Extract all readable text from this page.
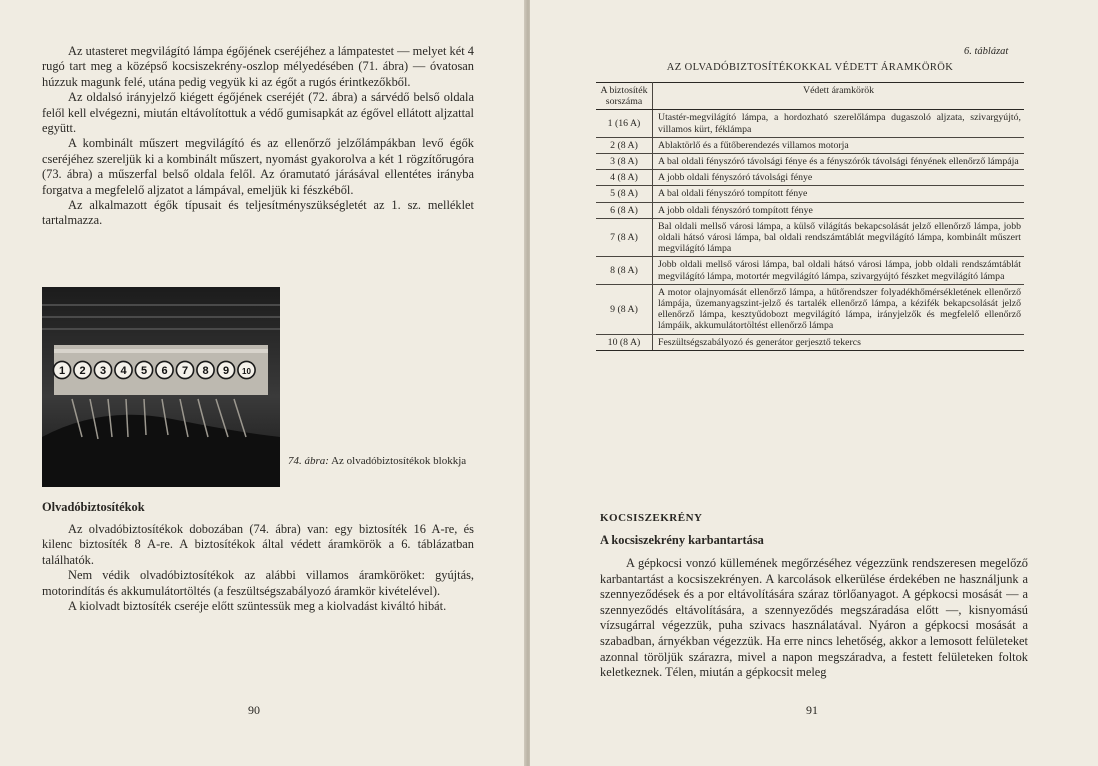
Az utasteret megvilágító lámpa égőjének cseréjéhez a lámpatestet — melyet két 4 rugó tart meg a középső kocsiszekrény-oszlop mélyedésében (71. ábra) — óvatosan húzzuk magunk felé, utána pedig vegyük ki az égőt a rugós érintkezőkből.

Az oldalsó irányjelző kiégett égőjének cseréjét (72. ábra) a sárvédő belső oldala felől kell elvégezni, miután eltávolítottuk a védő gumisapkát az égővel ellátott aljzattal együtt.

A kombinált műszert megvilágító és az ellenőrző jelzőlámpákban levő égők cseréjéhez szereljük ki a kombinált műszert, nyomást gyakorolva a két 1 rögzítőrugóra (73. ábra) a műszerfal belső oldala felől. Az óramutató járásával ellentétes irányba forgatva a megfelelő aljzatot a lámpával, emeljük ki fészkéből.

Az alkalmazott égők típusait és teljesítményszükségletét az 1. sz. melléklet tartalmazza.

1 2 3 4 5 6 7 8 9 10
74. ábra: Az olvadóbiztosítékok blokkja
Olvadóbiztosítékok

Az olvadóbiztosítékok dobozában (74. ábra) van: egy biztosíték 16 A-re, és kilenc biztosíték 8 A-re. A biztosítékok által védett áramkörök a 6. táblázatban találhatók.

Nem védik olvadóbiztosítékok az alábbi villamos áramköröket: gyújtás, motorindítás és akkumulátortöltés (a feszültségszabályozó áramkör kivételével).

A kiolvadt biztosíték cseréje előtt szüntessük meg a kiolvadást kiváltó hibát.

90
6. táblázat
AZ OLVADÓBIZTOSÍTÉKOKKAL VÉDETT ÁRAMKÖRÖK
A biztosíték sorszáma	Védett áramkörök
1 (16 A)	Utastér-megvilágító lámpa, a hordozható szerelőlámpa dugaszoló aljzata, szivargyújtó, villamos kürt, féklámpa
2 (8 A)	Ablaktörlő és a fűtőberendezés villamos motorja
3 (8 A)	A bal oldali fényszóró távolsági fénye és a fényszórók távolsági fényének ellenőrző lámpája
4 (8 A)	A jobb oldali fényszóró távolsági fénye
5 (8 A)	A bal oldali fényszóró tompított fénye
6 (8 A)	A jobb oldali fényszóró tompított fénye
7 (8 A)	Bal oldali mellső városi lámpa, a külső világítás bekapcsolását jelző ellenőrző lámpa, jobb oldali hátsó városi lámpa, bal oldali rendszámtáblát megvilágító lámpa, kombinált műszert megvilágító lámpa
8 (8 A)	Jobb oldali mellső városi lámpa, bal oldali hátsó városi lámpa, jobb oldali rendszámtáblát megvilágító lámpa, motortér megvilágító lámpa, szivargyújtó fészket megvilágító lámpa
9 (8 A)	A motor olajnyomását ellenőrző lámpa, a hűtőrendszer folyadékhőmérsékletének ellenőrző lámpája, üzemanyagszint-jelző és tartalék ellenőrző lámpa, a kézifék bekapcsolását jelző ellenőrző lámpa, kesztyűdobozt megvilágító lámpa, irányjelzők és megfelelő ellenőrző lámpáik, akkumulátortöltést ellenőrző lámpa
10 (8 A)	Feszültségszabályozó és generátor gerjesztő tekercs
KOCSISZEKRÉNY
A kocsiszekrény karbantartása

A gépkocsi vonzó küllemének megőrzéséhez végezzünk rendszeresen megelőző karbantartást a kocsiszekrényen. A karcolások elkerülése érdekében ne használjunk a szennyeződések és a por eltávolítására száraz törlőanyagot. A gépkocsi mosását — a szennyeződés eltávolítására, a szennyeződés megszáradása előtt —, kisnyomású vízsugárral végezzük, puha szivacs használatával. Nyáron a gépkocsi mosását a szabadban, árnyékban végezzük. Ha erre nincs lehetőség, akkor a lemosott felületeket azonnal töröljük szárazra, mivel a napon megszáradva, a festett felületeken foltok keletkeznek. Télen, miután a gépkocsit meleg

91
